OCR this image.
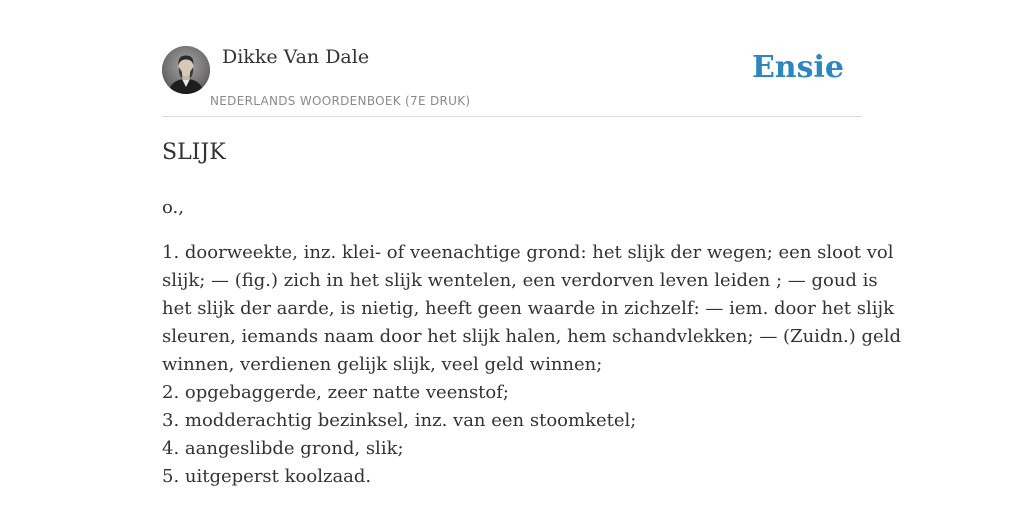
Dikke Van Dale
NEDERLANDS WOORDENBOEK (7E DRUK)
Ensie
SLIJK

o.,

1. doorweekte, inz. klei- of veenachtige grond: het slijk der wegen; een sloot vol
slijk; — (fig.) zich in het slijk wentelen, een verdorven leven leiden ; — goud is
het slijk der aarde, is nietig, heeft geen waarde in zichzelf: — iem. door het slijk
sleuren, iemands naam door het slijk halen, hem schandvlekken; — (Zuidn.) geld
winnen, verdienen gelijk slijk, veel geld winnen;
2. opgebaggerde, zeer natte veenstof;
3. modderachtig bezinksel, inz. van een stoomketel;
4. aangeslibde grond, slik;
5. uitgeperst koolzaad.
